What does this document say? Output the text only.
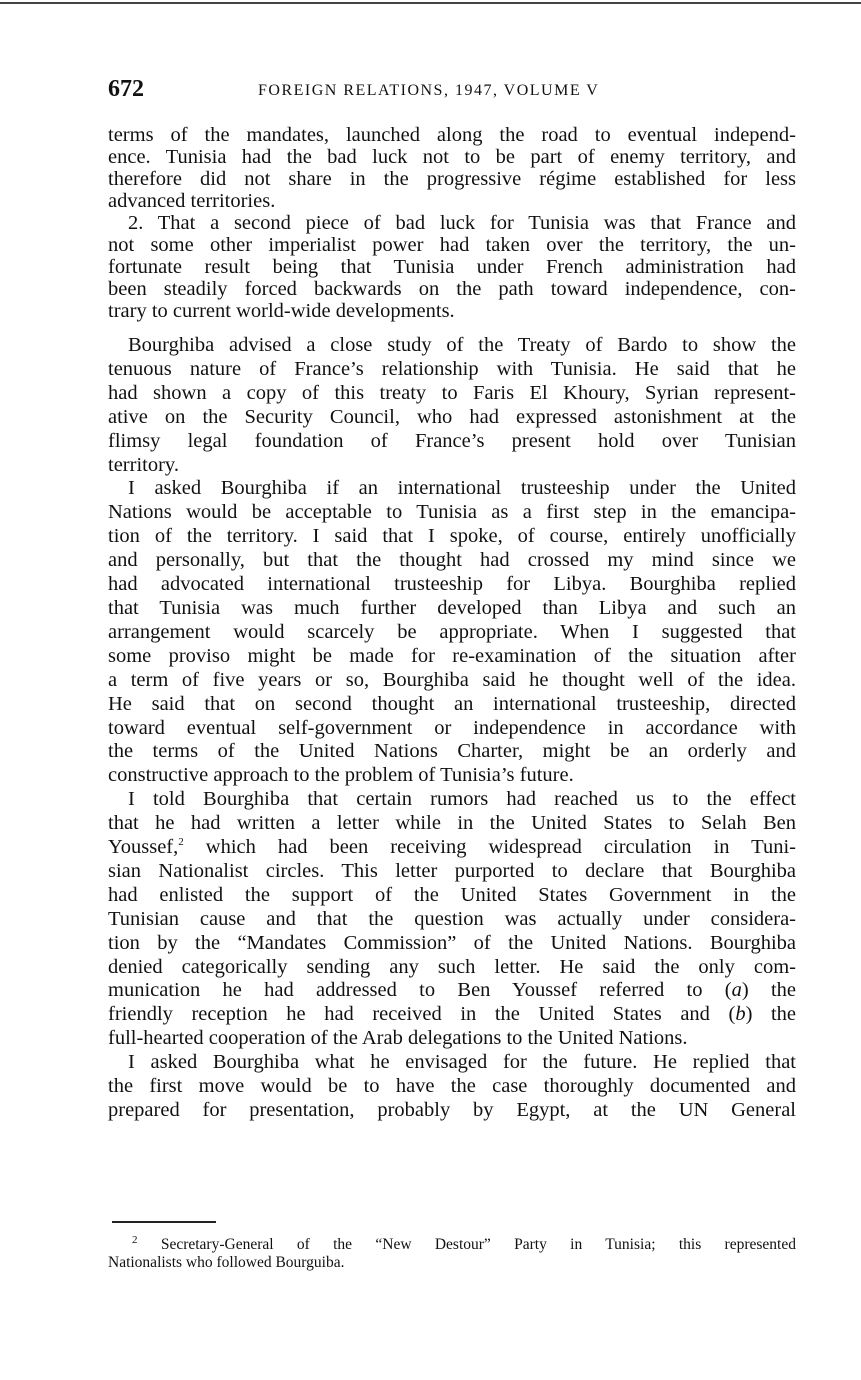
672	FOREIGN RELATIONS, 1947, VOLUME V
terms of the mandates, launched along the road to eventual independ-
ence. Tunisia had the bad luck not to be part of enemy territory, and
therefore did not share in the progressive régime established for less
advanced territories.
2. That a second piece of bad luck for Tunisia was that France and
not some other imperialist power had taken over the territory, the un-
fortunate result being that Tunisia under French administration had
been steadily forced backwards on the path toward independence, con-
trary to current world-wide developments.
Bourghiba advised a close study of the Treaty of Bardo to show the
tenuous nature of France’s relationship with Tunisia. He said that he
had shown a copy of this treaty to Faris El Khoury, Syrian represent-
ative on the Security Council, who had expressed astonishment at the
flimsy legal foundation of France’s present hold over Tunisian
territory.
I asked Bourghiba if an international trusteeship under the United
Nations would be acceptable to Tunisia as a first step in the emancipa-
tion of the territory. I said that I spoke, of course, entirely unofficially
and personally, but that the thought had crossed my mind since we
had advocated international trusteeship for Libya. Bourghiba replied
that Tunisia was much further developed than Libya and such an
arrangement would scarcely be appropriate. When I suggested that
some proviso might be made for re-examination of the situation after
a term of five years or so, Bourghiba said he thought well of the idea.
He said that on second thought an international trusteeship, directed
toward eventual self-government or independence in accordance with
the terms of the United Nations Charter, might be an orderly and
constructive approach to the problem of Tunisia’s future.
I told Bourghiba that certain rumors had reached us to the effect
that he had written a letter while in the United States to Selah Ben
Youssef,$^2$ which had been receiving widespread circulation in Tuni-
sian Nationalist circles. This letter purported to declare that Bourghiba
had enlisted the support of the United States Government in the
Tunisian cause and that the question was actually under considera-
tion by the “Mandates Commission” of the United Nations. Bourghiba
denied categorically sending any such letter. He said the only com-
munication he had addressed to Ben Youssef referred to (a) the
friendly reception he had received in the United States and (b) the
full-hearted cooperation of the Arab delegations to the United Nations.
I asked Bourghiba what he envisaged for the future. He replied that
the first move would be to have the case thoroughly documented and
prepared for presentation, probably by Egypt, at the UN General
$^2$ Secretary-General of the “New Destour” Party in Tunisia; this represented
Nationalists who followed Bourguiba.
